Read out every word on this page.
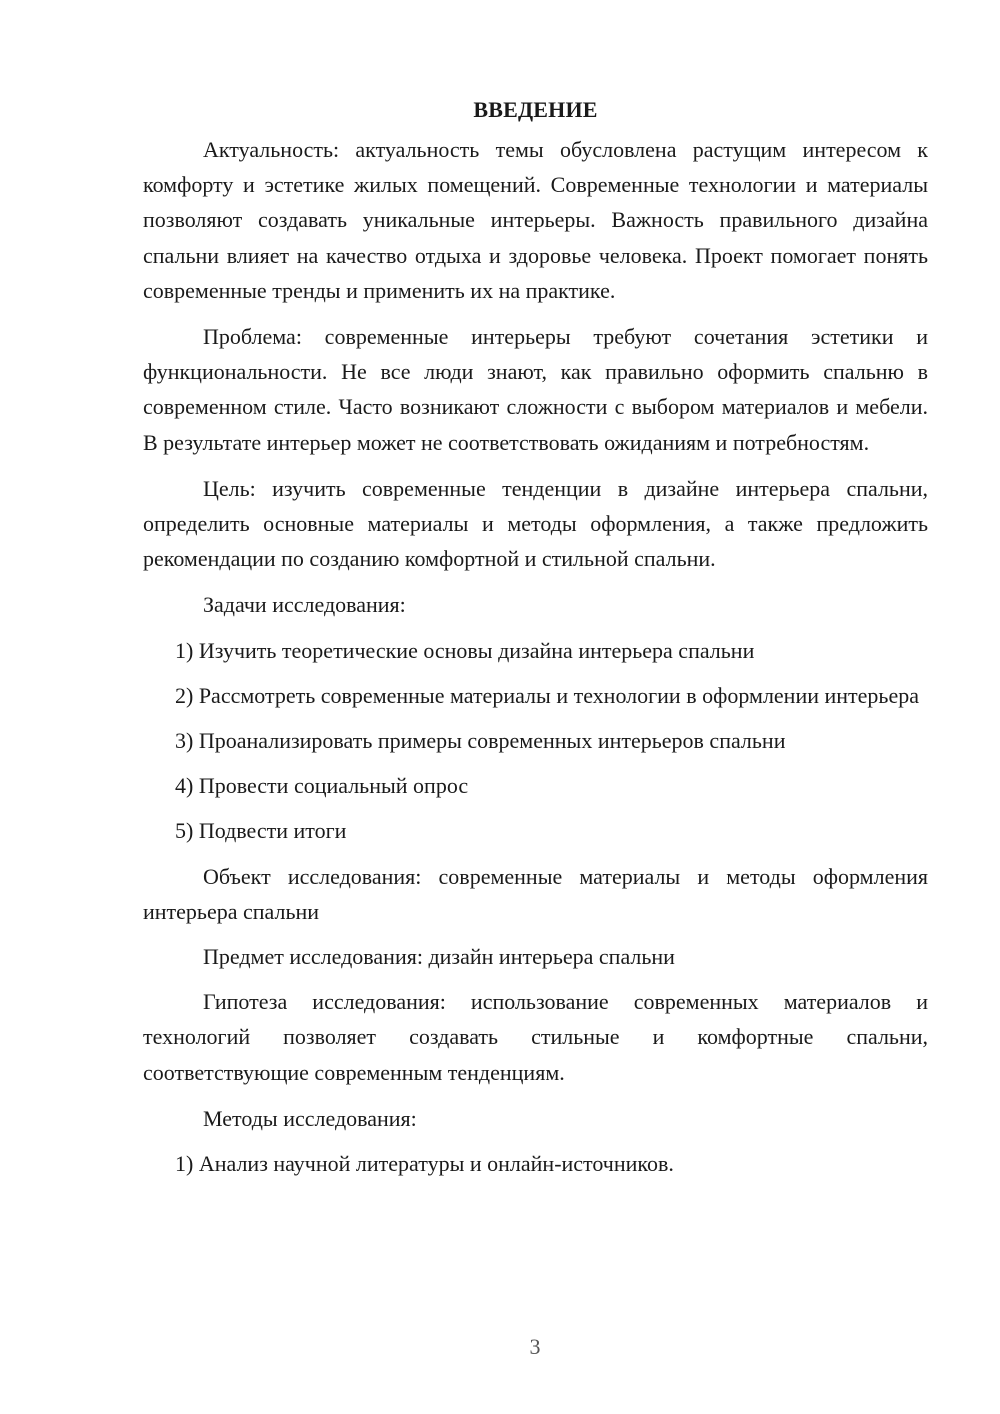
ВВЕДЕНИЕ

Актуальность: актуальность темы обусловлена растущим интересом к комфорту и эстетике жилых помещений. Современные технологии и материалы позволяют создавать уникальные интерьеры. Важность правильного дизайна спальни влияет на качество отдыха и здоровье человека. Проект помогает понять современные тренды и применить их на практике.

Проблема: современные интерьеры требуют сочетания эстетики и функциональности. Не все люди знают, как правильно оформить спальню в современном стиле. Часто возникают сложности с выбором материалов и мебели. В результате интерьер может не соответствовать ожиданиям и потребностям.

Цель: изучить современные тенденции в дизайне интерьера спальни, определить основные материалы и методы оформления, а также предложить рекомендации по созданию комфортной и стильной спальни.

Задачи исследования:

1) Изучить теоретические основы дизайна интерьера спальни

2) Рассмотреть современные материалы и технологии в оформлении интерьера

3) Проанализировать примеры современных интерьеров спальни

4) Провести социальный опрос

5) Подвести итоги

Объект исследования: современные материалы и методы оформления интерьера спальни

Предмет исследования: дизайн интерьера спальни

Гипотеза исследования: использование современных материалов и технологий позволяет создавать стильные и комфортные спальни, соответствующие современным тенденциям.

Методы исследования:

1) Анализ научной литературы и онлайн-источников.

3
